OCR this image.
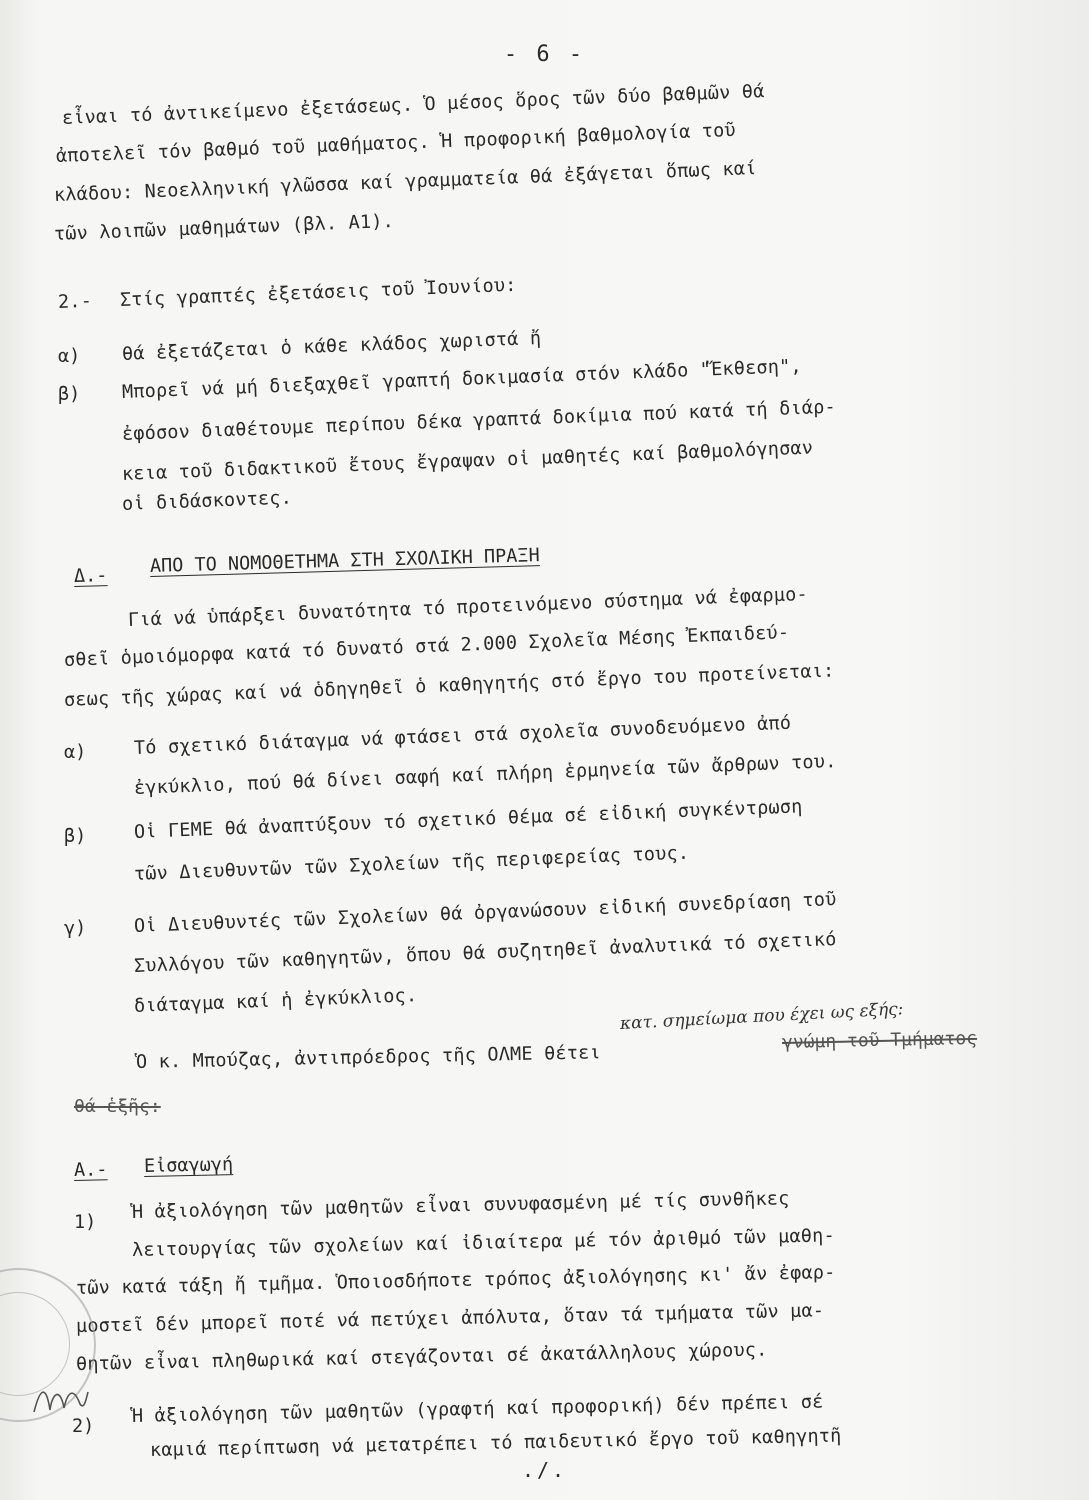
- 6 -
εἶναι τό ἀντικείμενο ἐξετάσεως. Ὁ μέσος ὅρος τῶν δύο βαθμῶν θά
ἀποτελεῖ τόν βαθμό τοῦ μαθήματος. Ἡ προφορική βαθμολογία τοῦ
κλάδου: Νεοελληνική γλῶσσα καί γραμματεία θά ἐξάγεται ὅπως καί
τῶν λοιπῶν μαθημάτων (βλ. Α1).
2.- Στίς γραπτές ἐξετάσεις τοῦ Ἰουνίου:
α) θά ἐξετάζεται ὁ κάθε κλάδος χωριστά ἤ
β) Μπορεῖ νά μή διεξαχθεῖ γραπτή δοκιμασία στόν κλάδο "Ἔκθεση",
ἐφόσον διαθέτουμε περίπου δέκα γραπτά δοκίμια πού κατά τή διάρ-
κεια τοῦ διδακτικοῦ ἔτους ἔγραψαν οἱ μαθητές καί βαθμολόγησαν
οἱ διδάσκοντες.
Δ.- ΑΠΟ ΤΟ ΝΟΜΟΘΕΤΗΜΑ ΣΤΗ ΣΧΟΛΙΚΗ ΠΡΑΞΗ
Γιά νά ὑπάρξει δυνατότητα τό προτεινόμενο σύστημα νά ἐφαρμο-
σθεῖ ὁμοιόμορφα κατά τό δυνατό στά 2.000 Σχολεῖα Μέσης Ἐκπαιδεύ-
σεως τῆς χώρας καί νά ὁδηγηθεῖ ὁ καθηγητής στό ἔργο του προτείνεται:
α)	Τό σχετικό διάταγμα νά φτάσει στά σχολεῖα συνοδευόμενο ἀπό
ἐγκύκλιο, πού θά δίνει σαφή καί πλήρη ἑρμηνεία τῶν ἄρθρων του.
β)	Οἱ ΓΕΜΕ θά ἀναπτύξουν τό σχετικό θέμα σέ εἰδική συγκέντρωση
τῶν Διευθυντῶν τῶν Σχολείων τῆς περιφερείας τους.
γ)	Οἱ Διευθυντές τῶν Σχολείων θά ὀργανώσουν εἰδική συνεδρίαση τοῦ
Συλλόγου τῶν καθηγητῶν, ὅπου θά συζητηθεῖ ἀναλυτικά τό σχετικό
διάταγμα καί ἡ ἐγκύκλιος.	κατ. σημείωμα που έχει ως εξής:
Ὁ κ. Μπούζας, ἀντιπρόεδρος τῆς ΟΛΜΕ θέτει
γνώμη τοῦ Τμήματος
θά ἑξῆς:
Α.- Εἰσαγωγή
1) Ἡ ἀξιολόγηση τῶν μαθητῶν εἶναι συνυφασμένη μέ τίς συνθῆκες
λειτουργίας τῶν σχολείων καί ἰδιαίτερα μέ τόν ἀριθμό τῶν μαθη-
τῶν κατά τάξη ἤ τμῆμα. Ὁποιοσδήποτε τρόπος ἀξιολόγησης κι' ἄν ἐφαρ-
μοστεῖ δέν μπορεῖ ποτέ νά πετύχει ἀπόλυτα, ὅταν τά τμήματα τῶν μα-
θητῶν εἶναι πληθωρικά καί στεγάζονται σέ ἀκατάλληλους χώρους.
2) Ἡ ἀξιολόγηση τῶν μαθητῶν (γραφτή καί προφορική) δέν πρέπει σέ
καμιά περίπτωση νά μετατρέπει τό παιδευτικό ἔργο τοῦ καθηγητῆ
./.
